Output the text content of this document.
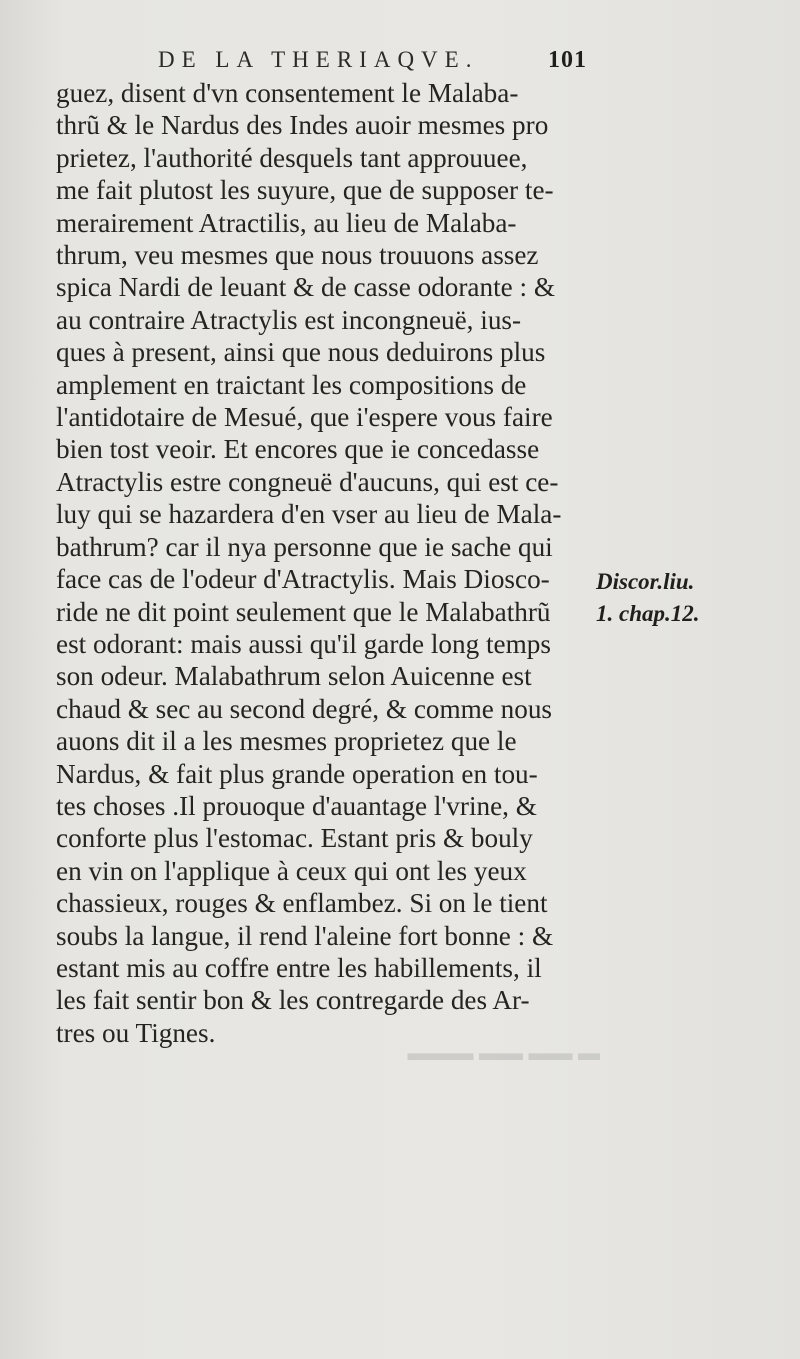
DE LA THERIAQVE.	101
guez, disent d'vn consentement le Malaba-
thrũ & le Nardus des Indes auoir mesmes pro
prietez, l'authorité desquels tant approuuee,
me fait plutost les suyure, que de supposer te-
merairement Atractilis, au lieu de Malaba-
thrum, veu mesmes que nous trouuons assez
spica Nardi de leuant & de casse odorante : &
au contraire Atractylis est incongneuë, ius-
ques à present, ainsi que nous deduirons plus
amplement en traictant les compositions de
l'antidotaire de Mesué, que i'espere vous faire
bien tost veoir. Et encores que ie concedasse
Atractylis estre congneuë d'aucuns, qui est ce-
luy qui se hazardera d'en vser au lieu de Mala-
bathrum? car il nya personne que ie sache qui
face cas de l'odeur d'Atractylis. Mais Diosco-
ride ne dit point seulement que le Malabathrũ
est odorant: mais aussi qu'il garde long temps
son odeur. Malabathrum selon Auicenne est
chaud & sec au second degré, & comme nous
auons dit il a les mesmes proprietez que le
Nardus, & fait plus grande operation en tou-
tes choses .Il prouoque d'auantage l'vrine, &
conforte plus l'estomac. Estant pris & bouly
en vin on l'applique à ceux qui ont les yeux
chassieux, rouges & enflambez. Si on le tient
soubs la langue, il rend l'aleine fort bonne : &
estant mis au coffre entre les habillements, il
les fait sentir bon & les contregarde des Ar-
tres ou Tignes.
Discor.liu.
1. chap.12.
▬ ▬▬ ▬▬ ▬▬▬
